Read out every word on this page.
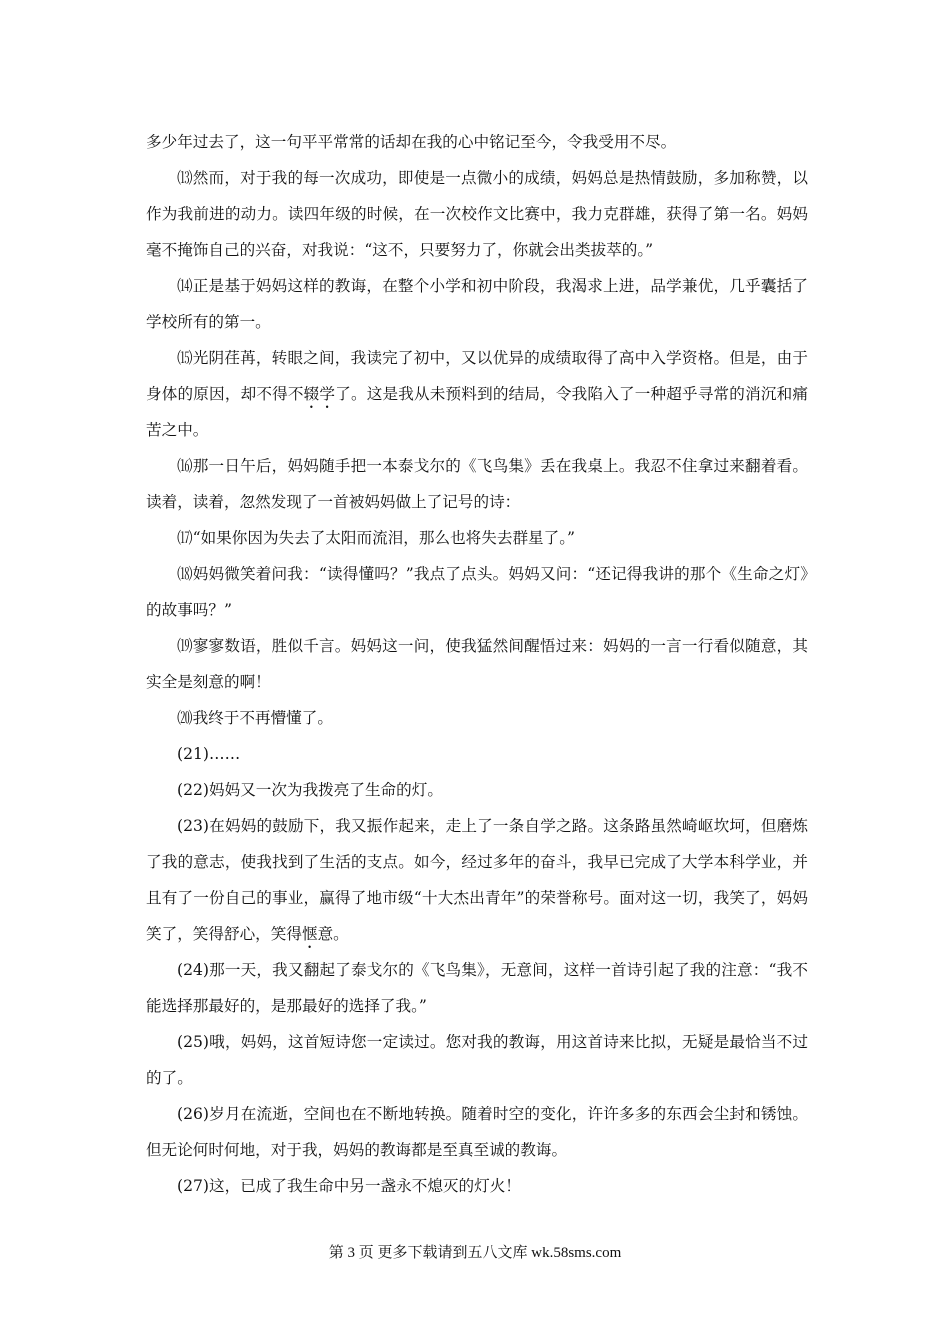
多少年过去了，这一句平平常常的话却在我的心中铭记至今，令我受用不尽。

⒀然而，对于我的每一次成功，即使是一点微小的成绩，妈妈总是热情鼓励，多加称赞，以作为我前进的动力。读四年级的时候，在一次校作文比赛中，我力克群雄，获得了第一名。妈妈毫不掩饰自己的兴奋，对我说：“这不，只要努力了，你就会出类拔萃的。”

⒁正是基于妈妈这样的教诲，在整个小学和初中阶段，我渴求上进，品学兼优，几乎囊括了学校所有的第一。

⒂光阴荏苒，转眼之间，我读完了初中，又以优异的成绩取得了高中入学资格。但是，由于身体的原因，却不得不辍学了。这是我从未预料到的结局，令我陷入了一种超乎寻常的消沉和痛苦之中。

⒃那一日午后，妈妈随手把一本泰戈尔的《飞鸟集》丢在我桌上。我忍不住拿过来翻着看。读着，读着，忽然发现了一首被妈妈做上了记号的诗：

⒄“如果你因为失去了太阳而流泪，那么也将失去群星了。”

⒅妈妈微笑着问我：“读得懂吗？”我点了点头。妈妈又问：“还记得我讲的那个《生命之灯》的故事吗？”

⒆寥寥数语，胜似千言。妈妈这一问，使我猛然间醒悟过来：妈妈的一言一行看似随意，其实全是刻意的啊！

⒇我终于不再懵懂了。

(21)……

(22)妈妈又一次为我拨亮了生命的灯。

(23)在妈妈的鼓励下，我又振作起来，走上了一条自学之路。这条路虽然崎岖坎坷，但磨炼了我的意志，使我找到了生活的支点。如今，经过多年的奋斗，我早已完成了大学本科学业，并且有了一份自己的事业，赢得了地市级“十大杰出青年”的荣誉称号。面对这一切，我笑了，妈妈笑了，笑得舒心，笑得惬意。

(24)那一天，我又翻起了泰戈尔的《飞鸟集》，无意间，这样一首诗引起了我的注意：“我不能选择那最好的，是那最好的选择了我。”

(25)哦，妈妈，这首短诗您一定读过。您对我的教诲，用这首诗来比拟，无疑是最恰当不过的了。

(26)岁月在流逝，空间也在不断地转换。随着时空的变化，许许多多的东西会尘封和锈蚀。但无论何时何地，对于我，妈妈的教诲都是至真至诚的教诲。

(27)这，已成了我生命中另一盏永不熄灭的灯火！

第 3 页 更多下载请到五八文库 wk.58sms.com
